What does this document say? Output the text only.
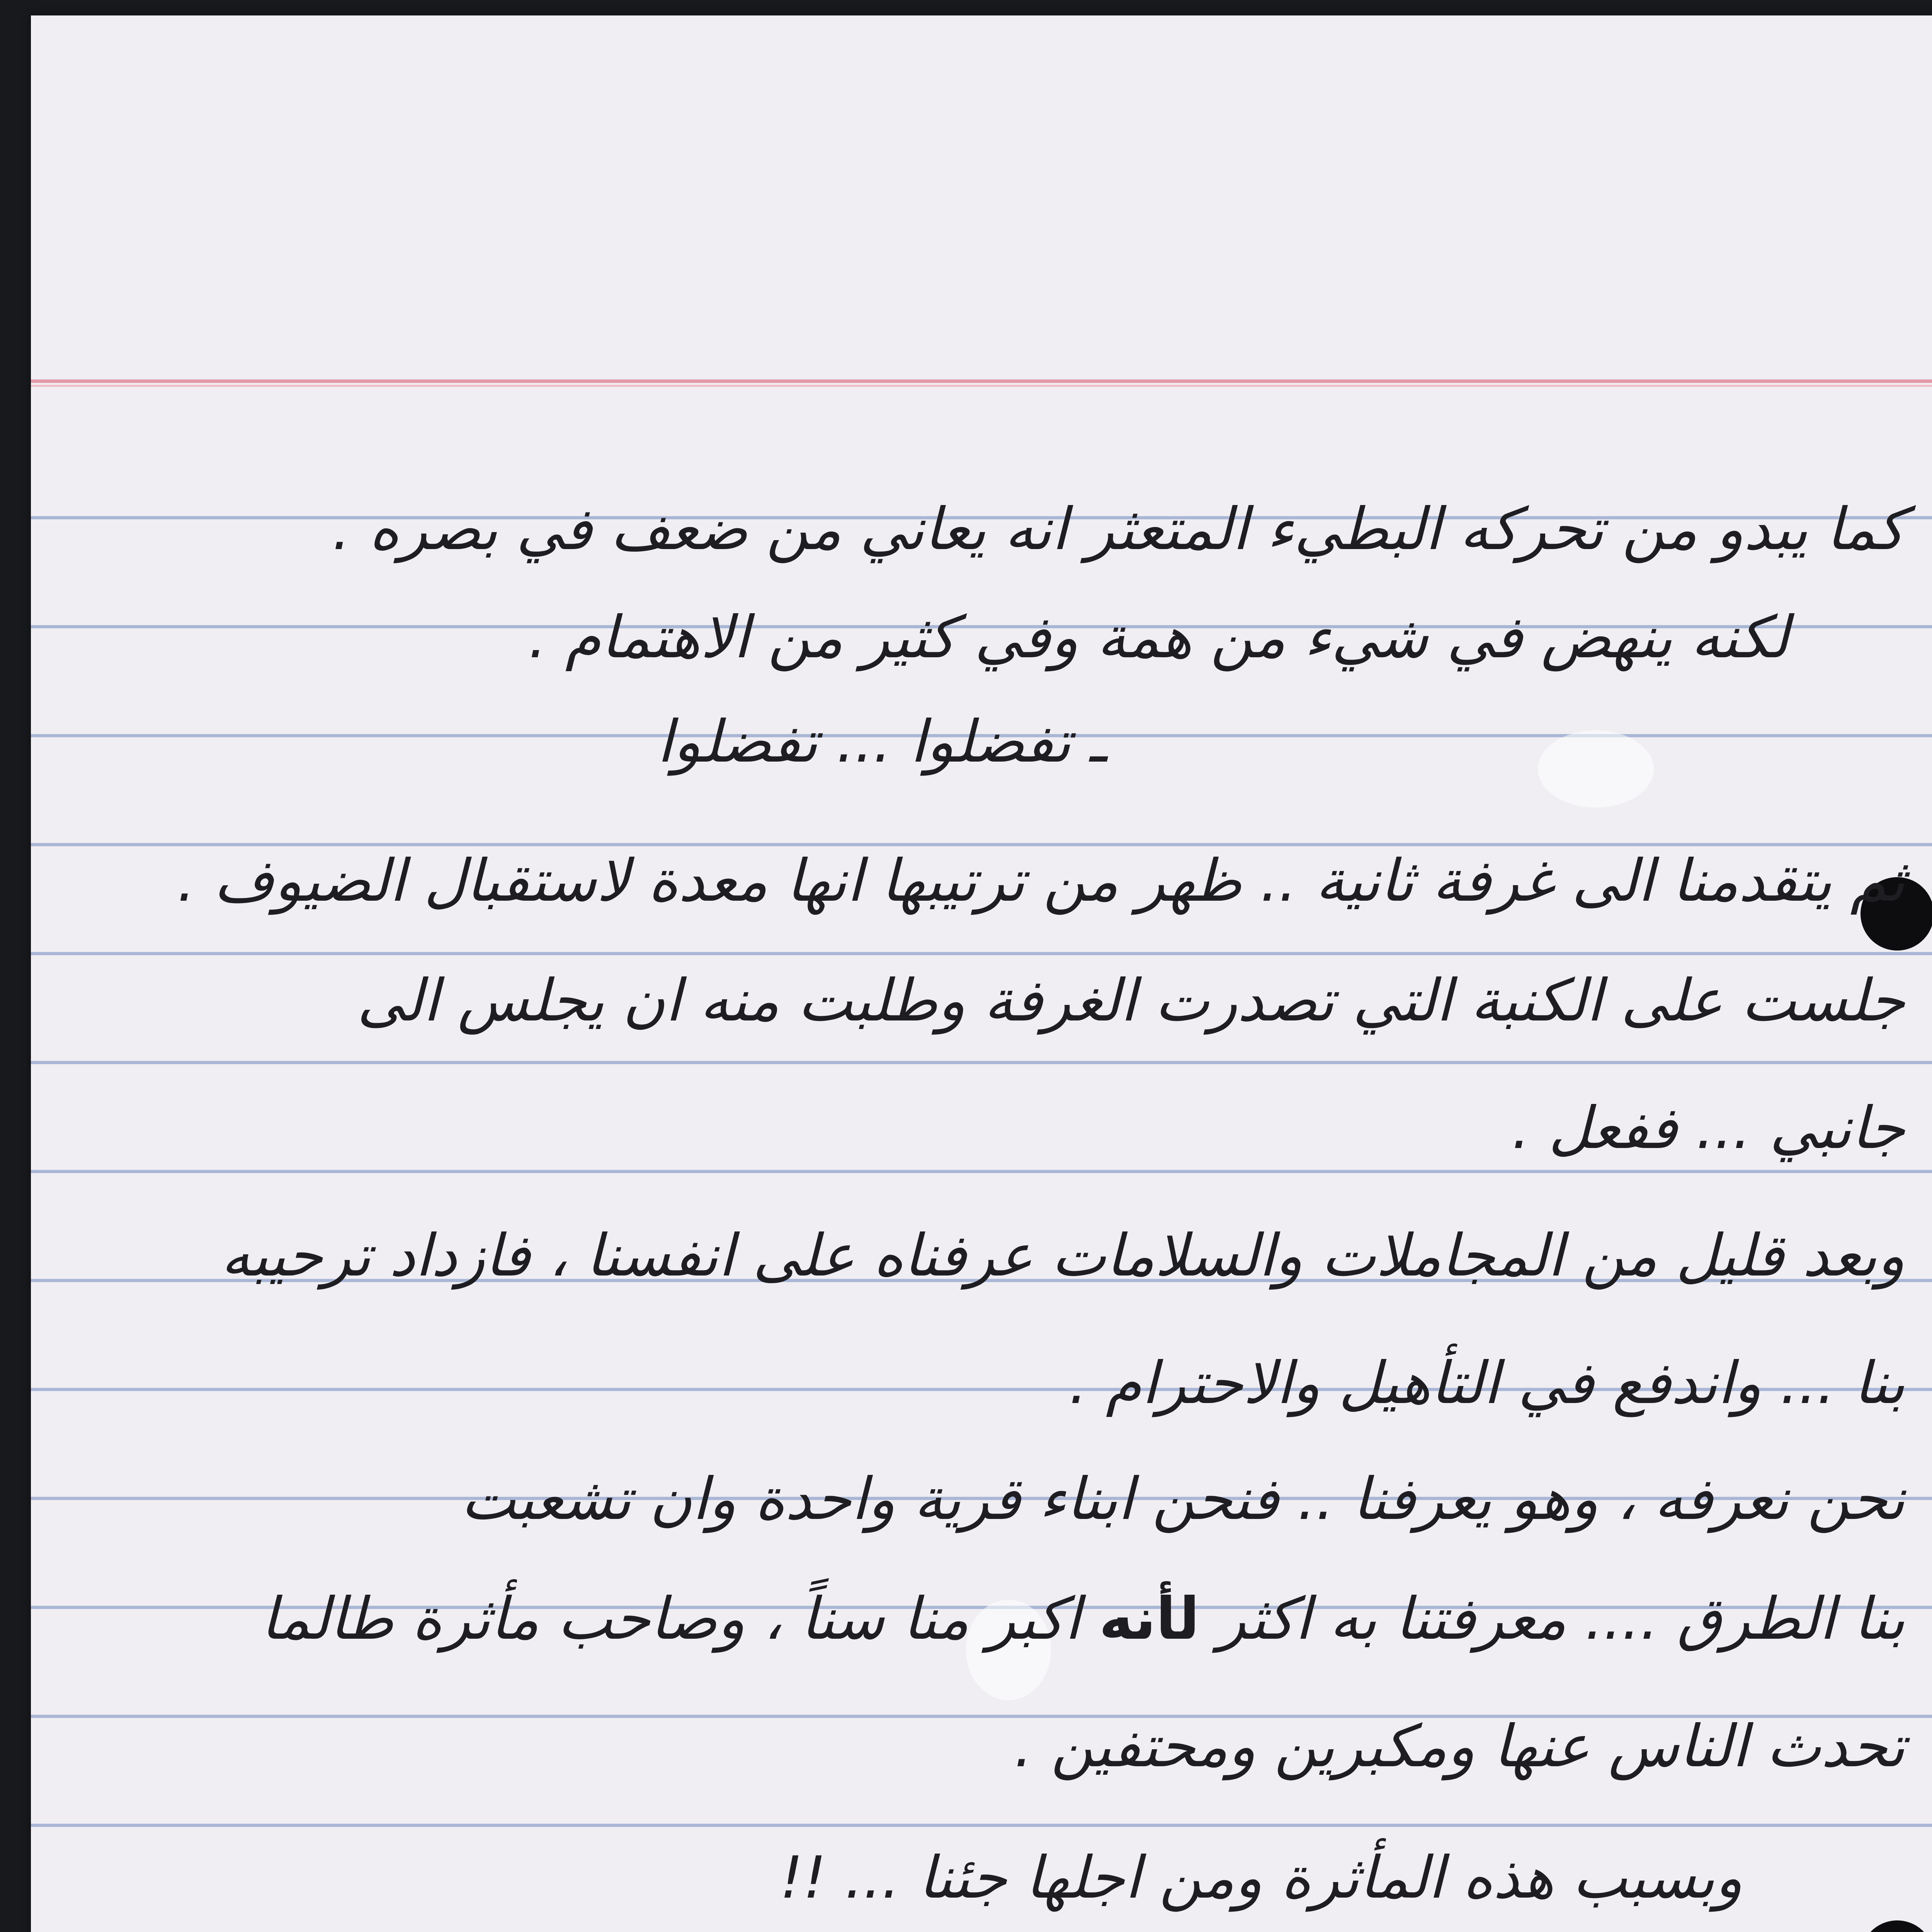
كما يبدو من تحركه البطيء المتعثر انه يعاني من ضعف في بصره .
لكنه ينهض في شيء من همة وفي كثير من الاهتمام .
ـ تفضلوا ... تفضلوا
ثم يتقدمنا الى غرفة ثانية .. ظهر من ترتيبها انها معدة لاستقبال الضيوف .
جلست على الكنبة التي تصدرت الغرفة وطلبت منه ان يجلس الى
جانبي ... ففعل .
وبعد قليل من المجاملات والسلامات عرفناه على انفسنا ، فازداد ترحيبه
بنا ... واندفع في التأهيل والاحترام .
نحن نعرفه ، وهو يعرفنا .. فنحن ابناء قرية واحدة وان تشعبت
بنا الطرق .... معرفتنا به اكثر لأنه اكبر منا سناً ، وصاحب مأثرة طالما
تحدث الناس عنها ومكبرين ومحتفين .
وبسبب هذه المأثرة ومن اجلها جئنا ... !!
